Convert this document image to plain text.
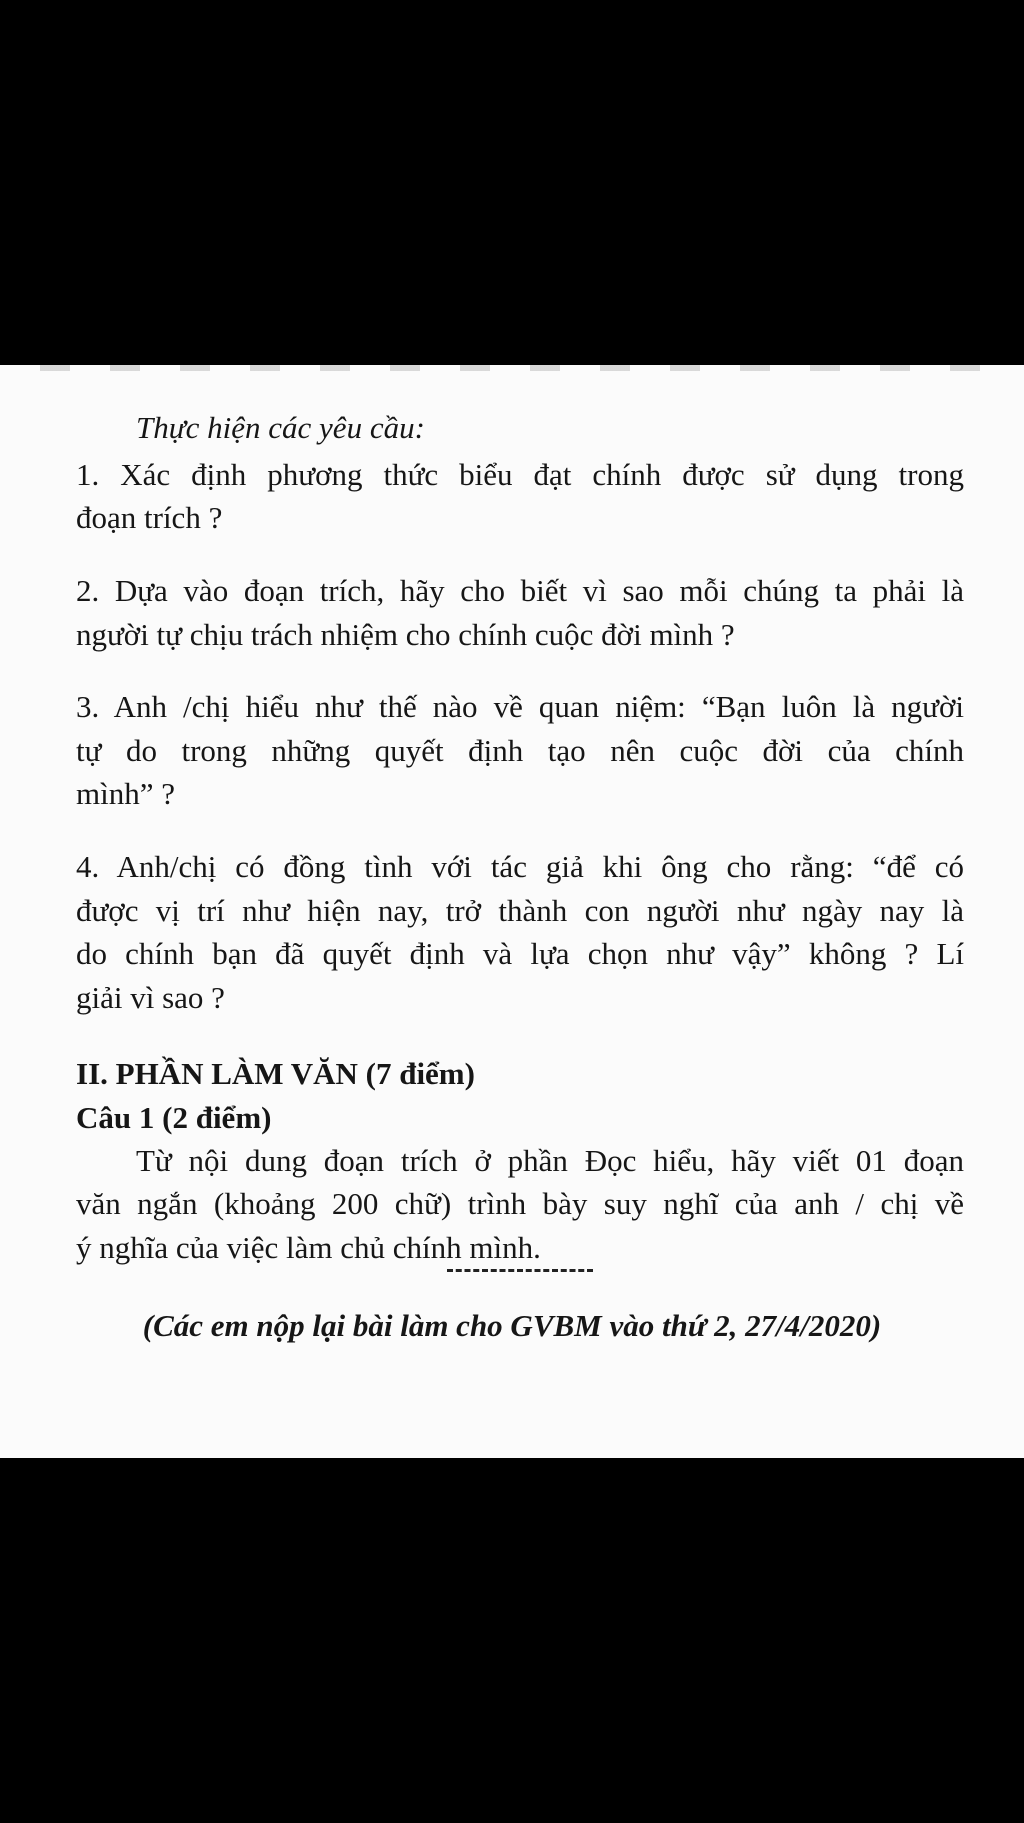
Thực hiện các yêu cầu:
1. Xác định phương thức biểu đạt chính được sử dụng trong
đoạn trích ?
2. Dựa vào đoạn trích, hãy cho biết vì sao mỗi chúng ta phải là
người tự chịu trách nhiệm cho chính cuộc đời mình ?
3. Anh /chị hiểu như thế nào về quan niệm: “Bạn luôn là người
tự do trong những quyết định tạo nên cuộc đời của chính
mình” ?
4. Anh/chị có đồng tình với tác giả khi ông cho rằng: “để có
được vị trí như hiện nay, trở thành con người như ngày nay là
do chính bạn đã quyết định và lựa chọn như vậy” không ? Lí
giải vì sao ?
II. PHẦN LÀM VĂN (7 điểm)
Câu 1 (2 điểm)
Từ nội dung đoạn trích ở phần Đọc hiểu, hãy viết 01 đoạn
văn ngắn (khoảng 200 chữ) trình bày suy nghĩ của anh / chị về
ý nghĩa của việc làm chủ chính mình.
(Các em nộp lại bài làm cho GVBM vào thứ 2, 27/4/2020)
